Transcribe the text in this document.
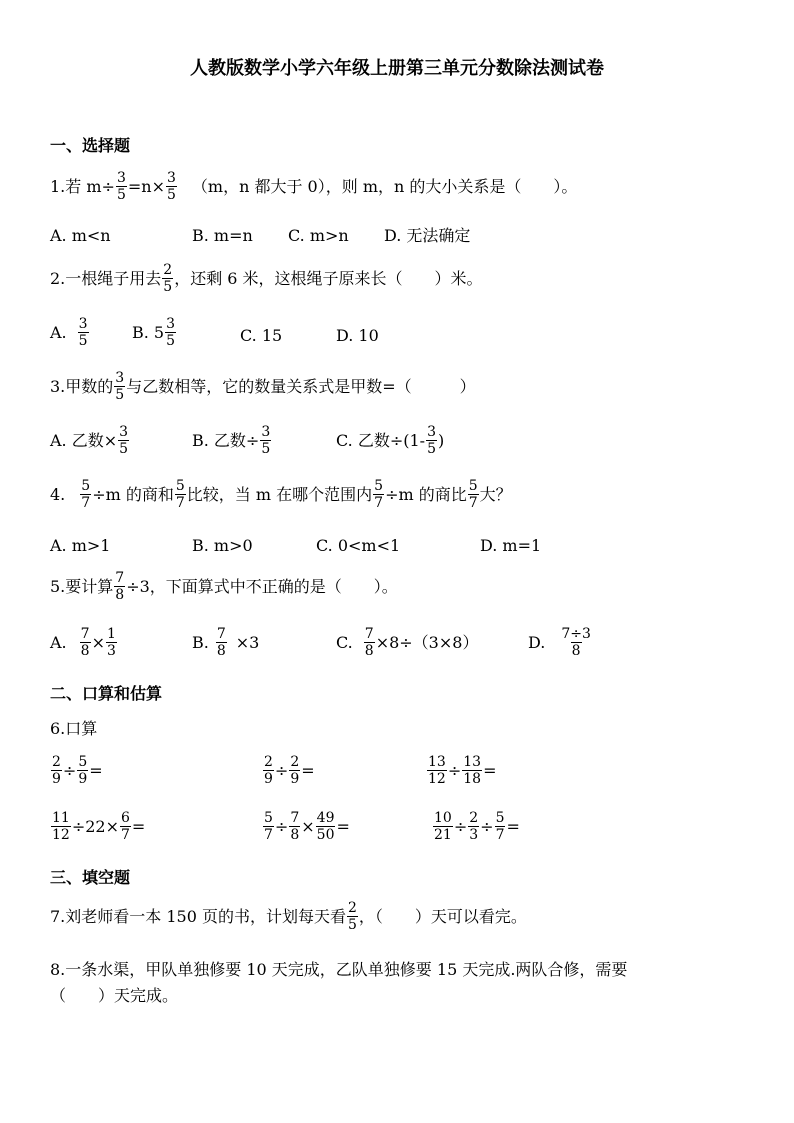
人教版数学小学六年级上册第三单元分数除法测试卷
一、选择题
1.若 $m\div \frac{3}{5} =n\times \frac{3}{5} (m$，n 都大于 0），则 m，n 的大小关系是（　　）。
A. m<n	B. m=n C. m>n D. 无法确定
2.一根绳子用去 2
5 ，还剩 6 米，这根绳子原来长（　　）米。
A. 3
5	B. 5 3
5	C. 15	D. 10
3.甲数的 3
5 与乙数相等，它的数量关系式是甲数=（　　　）
A. 乙数× $\frac{3}{5}$	B. 乙数÷ $\frac{3}{5}$	C. 乙数÷(1- 3
5 )
4. $\frac{5}{7} \div m$ 的商和 5
7 比较，当 m 在哪个范围内 $\frac{5}{7} \div m$ 的商比 5
7 大？
A. m>1	B. m>0	C. 0<m<1	D. m=1
5.要计算 $\frac{7}{8} \div 3$，下面算式中不正确的是（　　）。
A. $\frac{7}{8} \times \frac{1}{3}$	B. 7
8 ×3	C. $\frac{7}{8} \times 8\div(3\times 8)$	D. 7÷3
8
二、口算和估算
6.口算
$\frac{2}{9} \div \frac{5}{9}$ =	$\frac{2}{9} \div \frac{2}{9}$ =	$\frac{13}{12} \div \frac{13}{18}$ =
$\frac{11}{12} \div 22\times \frac{6}{7}$ =	$\frac{5}{7} \div \frac{7}{8} \times \frac{49}{50}$ =	$\frac{10}{21} \div \frac{2}{3} \div \frac{5}{7}$ =
三、填空题
7.刘老师看一本 150 页的书，计划每天看 2
5 ，（　　）天可以看完。
8.一条水渠，甲队单独修要 10 天完成，乙队单独修要 15 天完成.两队合修，需要
（　　）天完成。
